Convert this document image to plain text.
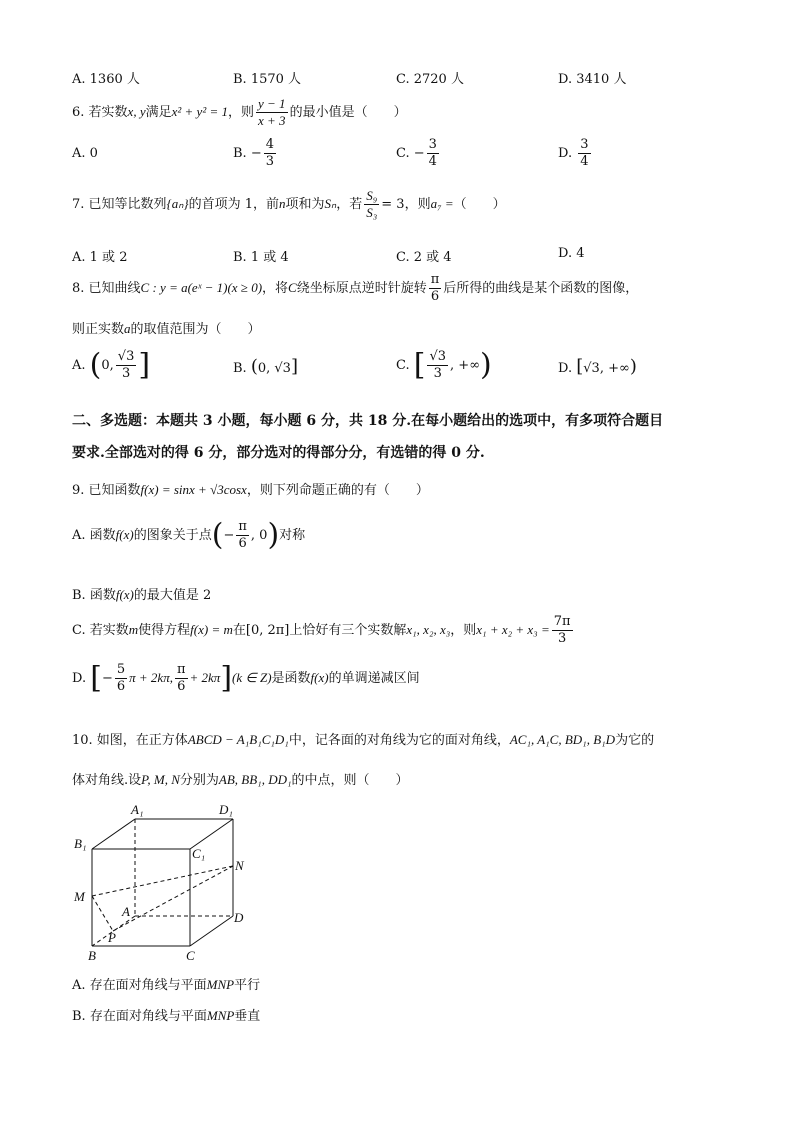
A. 1360 人	B. 1570 人	C. 2720 人	D. 3410 人
6. 若实数x, y满足x² + y² = 1，则 $\frac{y - 1}{x + 3}$ 的最小值是（　　）
A. 0	B. − $\frac{4}{3}$	C. − $\frac{3}{4}$	D. $\frac{3}{4}$
7. 已知等比数列{aₙ}的首项为 1，前n项和为Sₙ，若 $\frac{\text{S₉}}{\text{S₃}} = 3$，则a₇ =（　　）
A. 1 或 2	B. 1 或 4	C. 2 或 4	D. 4
8. 已知曲线C : y = a(eˣ − 1)(x ≥ 0)，将C绕坐标原点逆时针旋转 $\frac{\pi}{6}$ 后所得的曲线是某个函数的图像，
则正实数a的取值范围为（　　）
A. (0, $\frac{√3}{3}$ ]	B. (0, √3]	C. [ $\frac{√3}{3}$ , +∞)	D. [√3, +∞)
二、多选题：本题共 3 小题，每小题 6 分，共 18 分.在每小题给出的选项中，有多项符合题目
要求.全部选对的得 6 分，部分选对的得部分分，有选错的得 0 分.
9. 已知函数f(x) = sinx + √3cosx，则下列命题正确的有（　　）
A. 函数f(x)的图象关于点(− $\frac{\pi}{6}$ , 0)对称
B. 函数f(x)的最大值是 2
C. 若实数m使得方程f(x) = m在[0, 2π]上恰好有三个实数解x₁, x₂, x₃，则$x_1 + x_2 + x_3 = \frac{7\pi}{3}$
D. [− $\frac{5}{6}$ π + 2kπ, $\frac{\pi}{6} + 2k\pi](k$ ∈ Z)是函数f(x)的单调递减区间
10. 如图，在正方体ABCD − A₁B₁C₁D₁中，记各面的对角线为它的面对角线，AC₁, A₁C, BD₁, B₁D为它的
体对角线.设P, M, N分别为AB, BB₁, DD₁的中点，则（　　）
A₁	D₁
B₁
C₁
N
M
A	D
P
B	C
A. 存在面对角线与平面MNP平行
B. 存在面对角线与平面MNP垂直
